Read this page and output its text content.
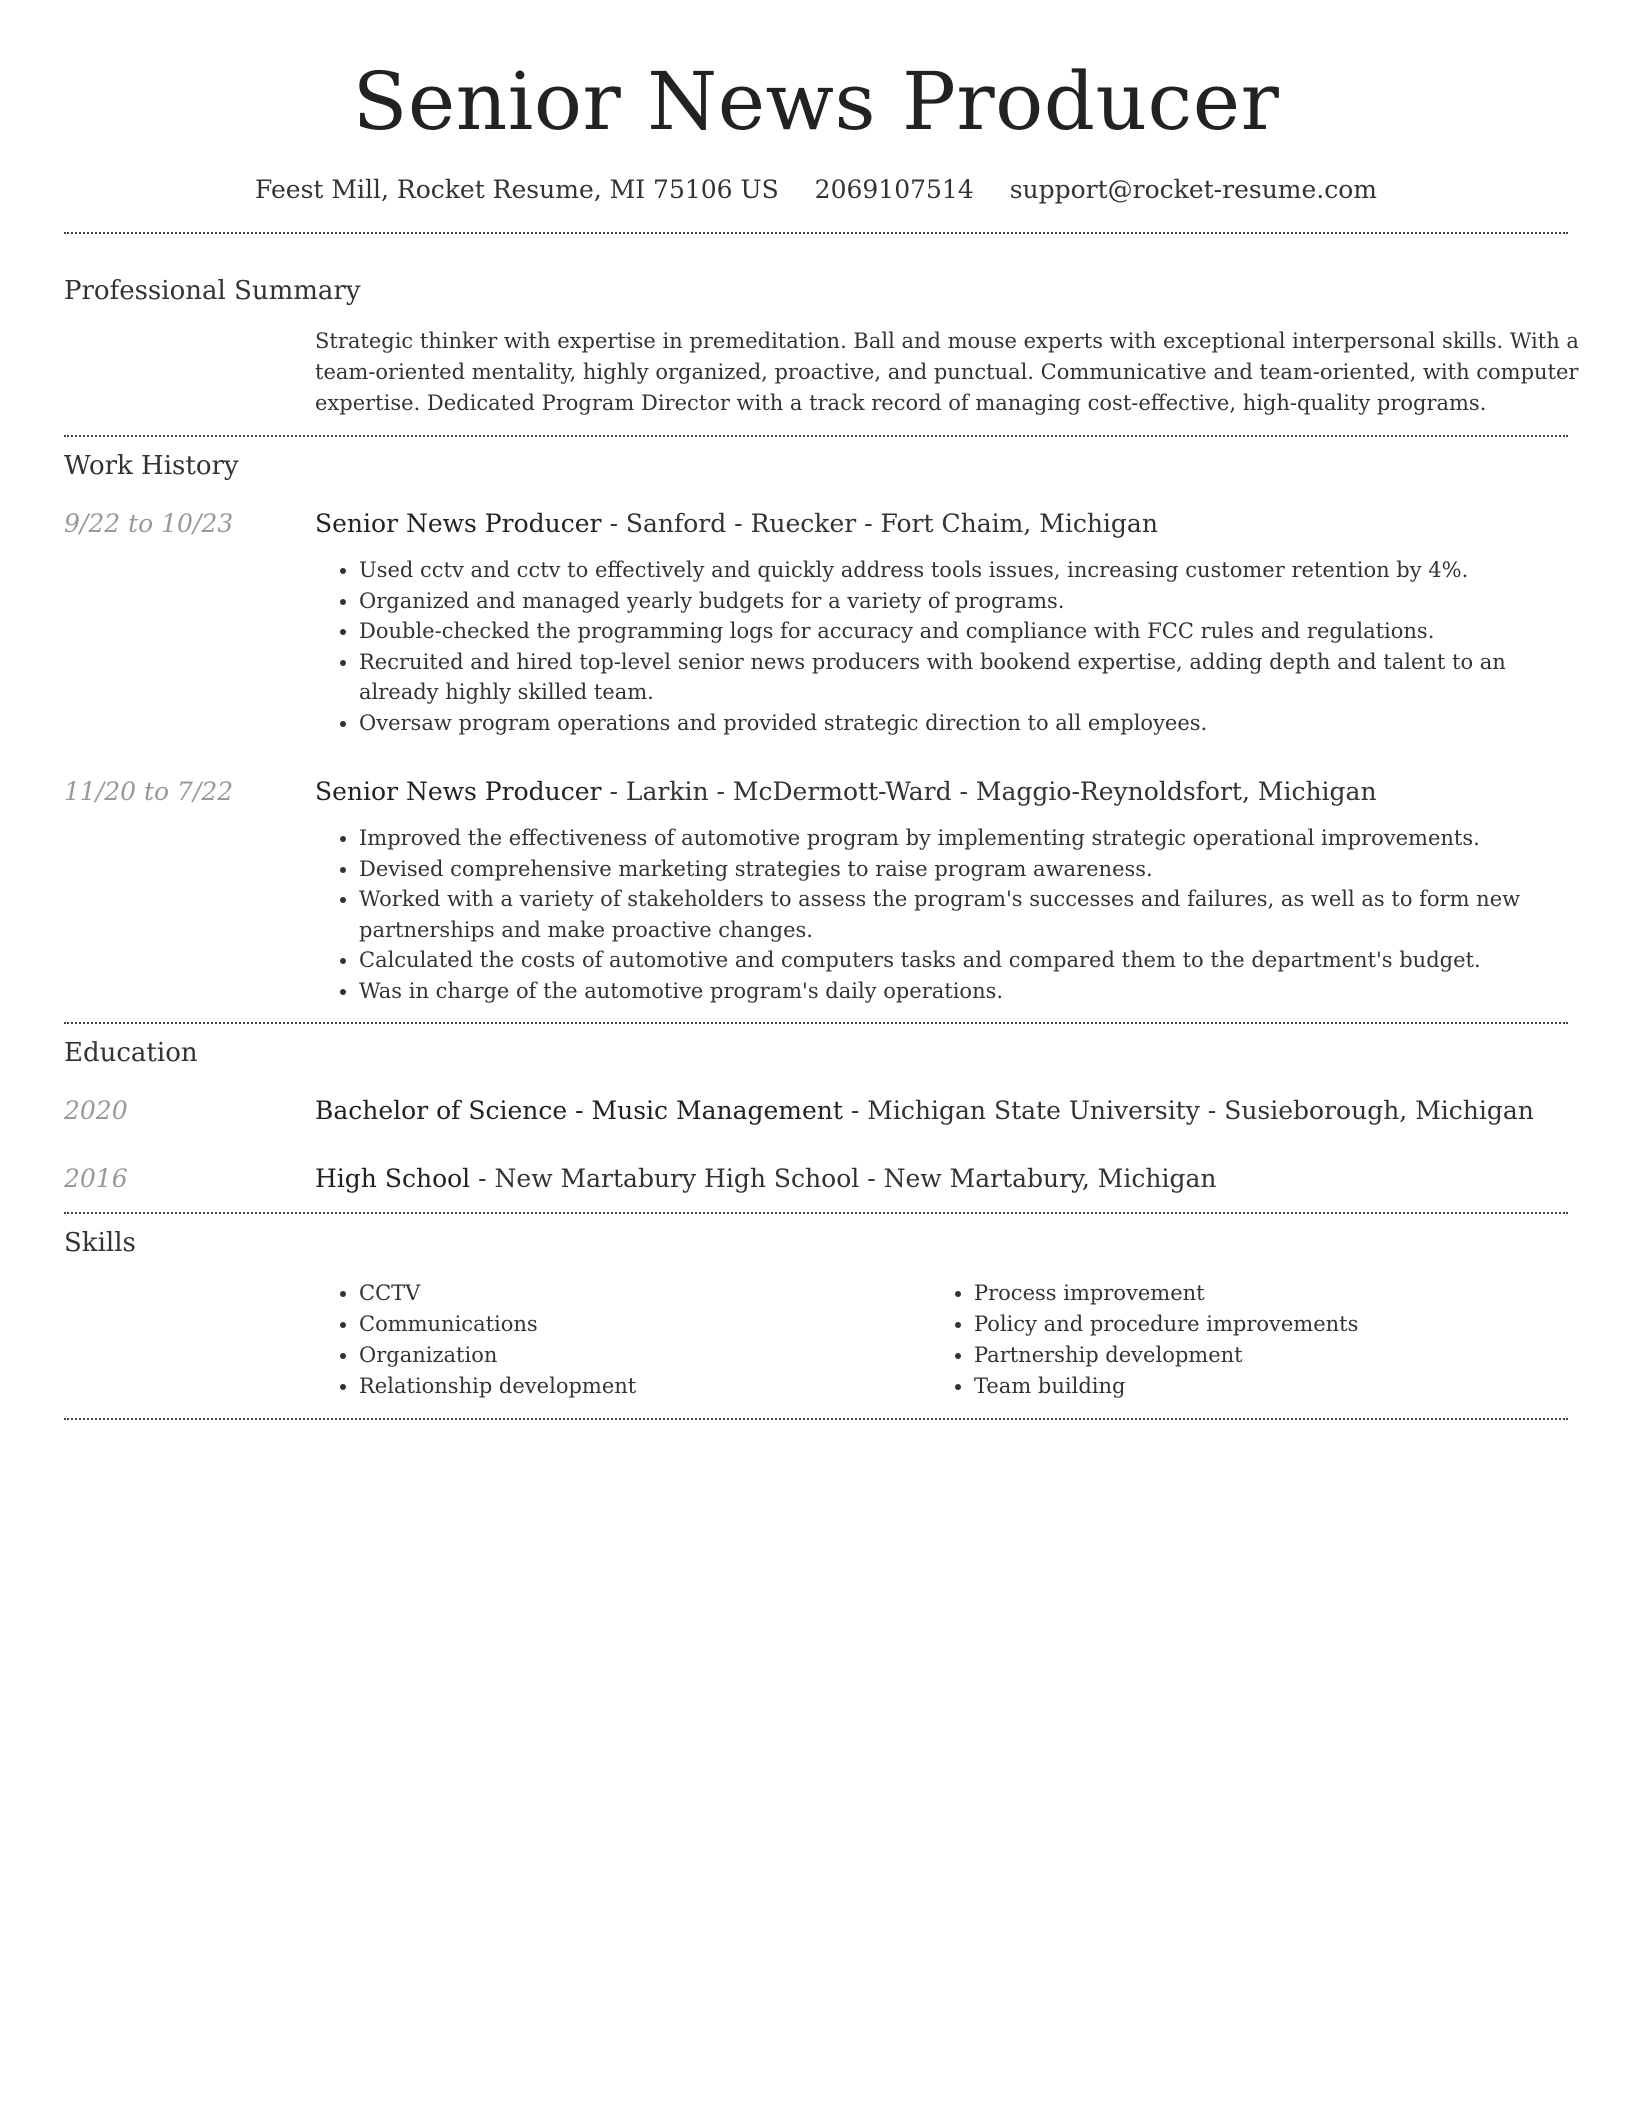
Senior News Producer
Feest Mill, Rocket Resume, MI 75106 US 2069107514 support@rocket-resume.com
Professional Summary

Strategic thinker with expertise in premeditation. Ball and mouse experts with exceptional interpersonal skills. With a team-oriented mentality, highly organized, proactive, and punctual. Communicative and team-oriented, with computer expertise. Dedicated Program Director with a track record of managing cost-effective, high-quality programs.

Work History
9/22 to 10/23	Senior News Producer - Sanford - Ruecker - Fort Chaim, Michigan
• Used cctv and cctv to effectively and quickly address tools issues, increasing customer retention by 4%.
• Organized and managed yearly budgets for a variety of programs.
• Double-checked the programming logs for accuracy and compliance with FCC rules and regulations.
• Recruited and hired top-level senior news producers with bookend expertise, adding depth and talent to an already highly skilled team.
• Oversaw program operations and provided strategic direction to all employees.
11/20 to 7/22	Senior News Producer - Larkin - McDermott-Ward - Maggio-Reynoldsfort, Michigan
• Improved the effectiveness of automotive program by implementing strategic operational improvements.
• Devised comprehensive marketing strategies to raise program awareness.
• Worked with a variety of stakeholders to assess the program's successes and failures, as well as to form new partnerships and make proactive changes.
• Calculated the costs of automotive and computers tasks and compared them to the department's budget.
• Was in charge of the automotive program's daily operations.
Education
2020	Bachelor of Science - Music Management - Michigan State University - Susieborough, Michigan
2016	High School - New Martabury High School - New Martabury, Michigan
Skills
• CCTV
• Communications
• Organization
• Relationship development
• Process improvement
• Policy and procedure improvements
• Partnership development
• Team building
